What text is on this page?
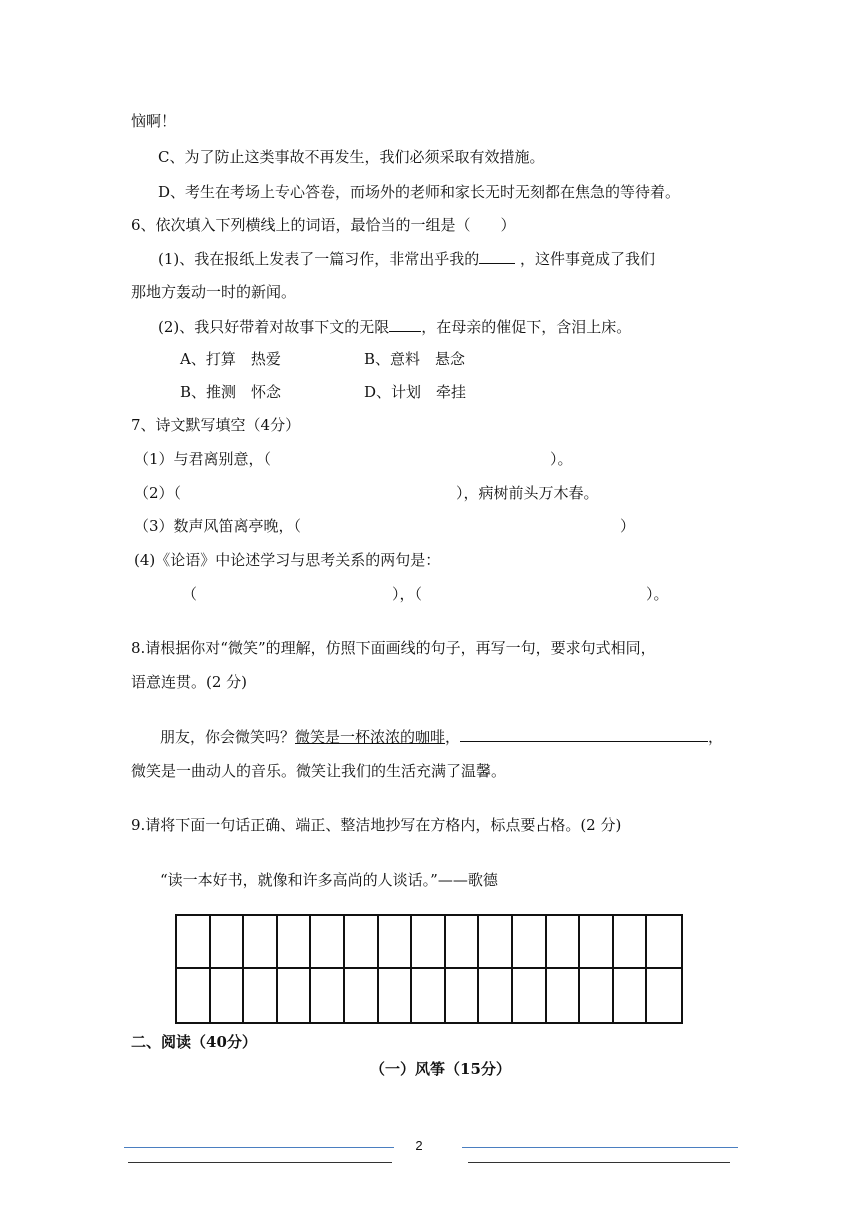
恼啊！
C、为了防止这类事故不再发生，我们必须采取有效措施。
D、考生在考场上专心答卷，而场外的老师和家长无时无刻都在焦急的等待着。
6、依次填入下列横线上的词语，最恰当的一组是（　　）
(1)、我在报纸上发表了一篇习作，非常出乎我的	，这件事竟成了我们
那地方轰动一时的新闻。
(2)、我只好带着对故事下文的无限 ，在母亲的催促下，含泪上床。
A、打算　热爱	B、意料　悬念
B、推测　怀念	D、计划　牵挂
7、诗文默写填空（4分）
（1）与君离别意，（	）。
（2）（	），病树前头万木春。
（3）数声风笛离亭晚，（	）
(4)《论语》中论述学习与思考关系的两句是：
（	），（	）。
8.请根据你对“微笑”的理解，仿照下面画线的句子，再写一句，要求句式相同，
语意连贯。(2 分)
朋友，你会微笑吗？微笑是一杯浓浓的咖啡，	，
微笑是一曲动人的音乐。微笑让我们的生活充满了温馨。
9.请将下面一句话正确、端正、整洁地抄写在方格内，标点要占格。(2 分)
“读一本好书，就像和许多高尚的人谈话。”——歌德
二、阅读（40分）
（一）风筝（15分）
2
